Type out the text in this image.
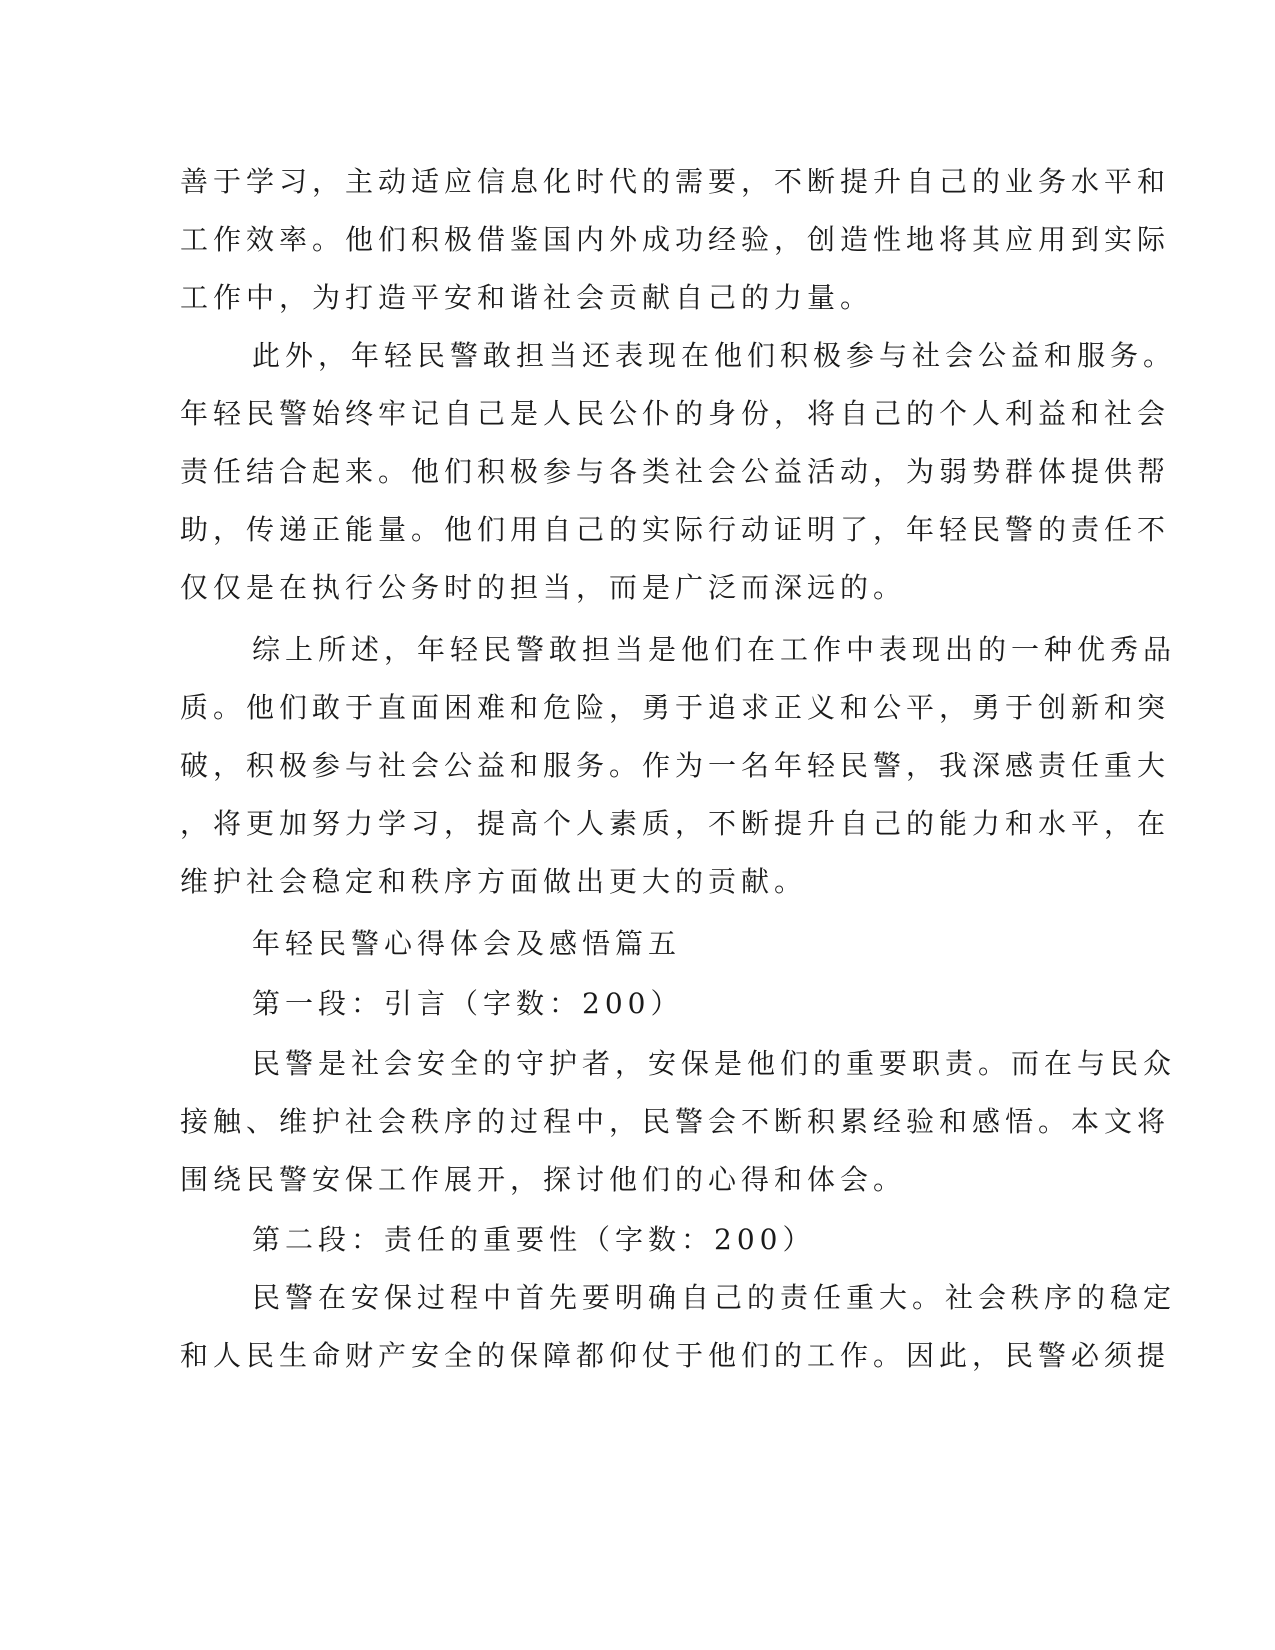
善于学习，主动适应信息化时代的需要，不断提升自己的业务水平和
工作效率。他们积极借鉴国内外成功经验，创造性地将其应用到实际
工作中，为打造平安和谐社会贡献自己的力量。
此外，年轻民警敢担当还表现在他们积极参与社会公益和服务。
年轻民警始终牢记自己是人民公仆的身份，将自己的个人利益和社会
责任结合起来。他们积极参与各类社会公益活动，为弱势群体提供帮
助，传递正能量。他们用自己的实际行动证明了，年轻民警的责任不
仅仅是在执行公务时的担当，而是广泛而深远的。
综上所述，年轻民警敢担当是他们在工作中表现出的一种优秀品
质。他们敢于直面困难和危险，勇于追求正义和公平，勇于创新和突
破，积极参与社会公益和服务。作为一名年轻民警，我深感责任重大
，将更加努力学习，提高个人素质，不断提升自己的能力和水平，在
维护社会稳定和秩序方面做出更大的贡献。
年轻民警心得体会及感悟篇五
第一段：引言（字数：200）
民警是社会安全的守护者，安保是他们的重要职责。而在与民众
接触、维护社会秩序的过程中，民警会不断积累经验和感悟。本文将
围绕民警安保工作展开，探讨他们的心得和体会。
第二段：责任的重要性（字数：200）
民警在安保过程中首先要明确自己的责任重大。社会秩序的稳定
和人民生命财产安全的保障都仰仗于他们的工作。因此，民警必须提
